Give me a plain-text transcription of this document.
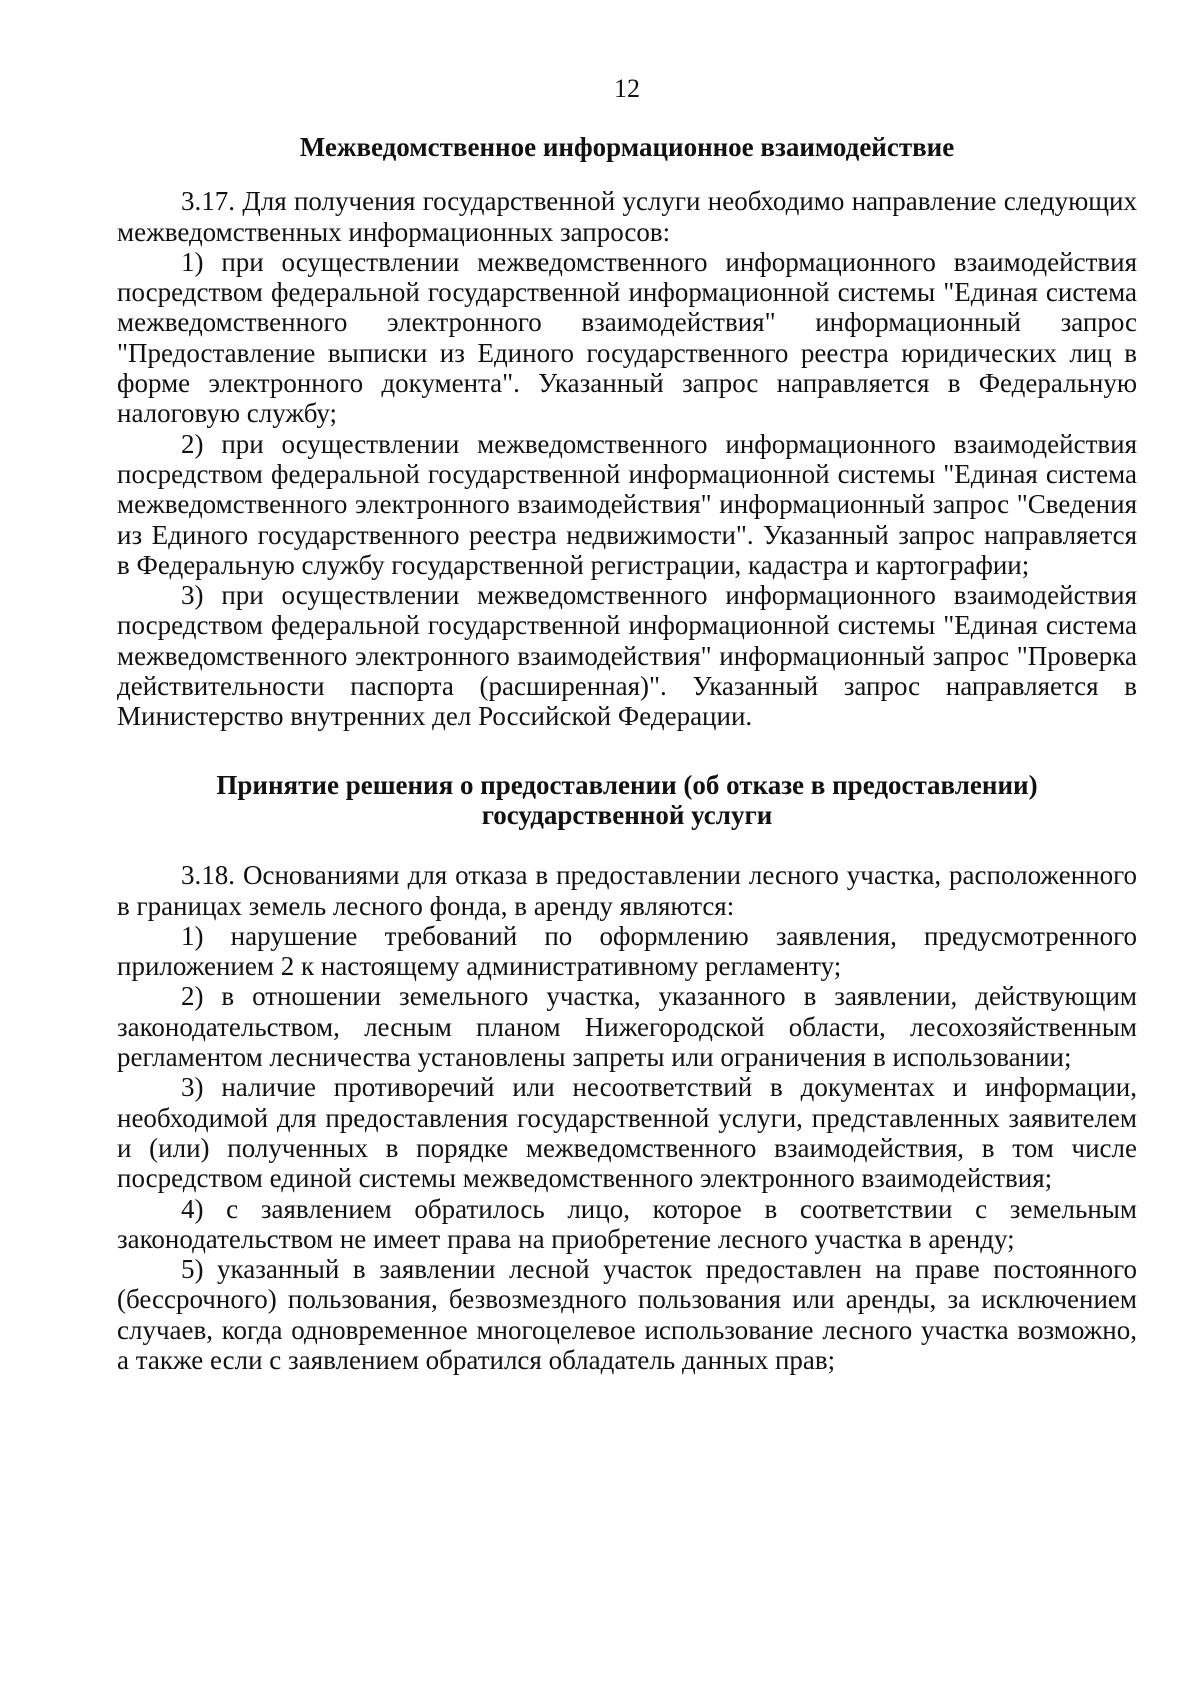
12

Межведомственное информационное взаимодействие

3.17. Для получения государственной услуги необходимо направление следующих межведомственных информационных запросов:

1) при осуществлении межведомственного информационного взаимодействия посредством федеральной государственной информационной системы "Единая система межведомственного электронного взаимодействия" информационный запрос "Предоставление выписки из Единого государственного реестра юридических лиц в форме электронного документа". Указанный запрос направляется в Федеральную налоговую службу;

2) при осуществлении межведомственного информационного взаимодействия посредством федеральной государственной информационной системы "Единая система межведомственного электронного взаимодействия" информационный запрос "Сведения из Единого государственного реестра недвижимости". Указанный запрос направляется в Федеральную службу государственной регистрации, кадастра и картографии;

3) при осуществлении межведомственного информационного взаимодействия посредством федеральной государственной информационной системы "Единая система межведомственного электронного взаимодействия" информационный запрос "Проверка действительности паспорта (расширенная)". Указанный запрос направляется в Министерство внутренних дел Российской Федерации.

Принятие решения о предоставлении (об отказе в предоставлении)
государственной услуги

3.18. Основаниями для отказа в предоставлении лесного участка, расположенного в границах земель лесного фонда, в аренду являются:

1) нарушение требований по оформлению заявления, предусмотренного приложением 2 к настоящему административному регламенту;

2) в отношении земельного участка, указанного в заявлении, действующим законодательством, лесным планом Нижегородской области, лесохозяйственным регламентом лесничества установлены запреты или ограничения в использовании;

3) наличие противоречий или несоответствий в документах и информации, необходимой для предоставления государственной услуги, представленных заявителем и (или) полученных в порядке межведомственного взаимодействия, в том числе посредством единой системы межведомственного электронного взаимодействия;

4) с заявлением обратилось лицо, которое в соответствии с земельным законодательством не имеет права на приобретение лесного участка в аренду;

5) указанный в заявлении лесной участок предоставлен на праве постоянного (бессрочного) пользования, безвозмездного пользования или аренды, за исключением случаев, когда одновременное многоцелевое использование лесного участка возможно, а также если с заявлением обратился обладатель данных прав;
